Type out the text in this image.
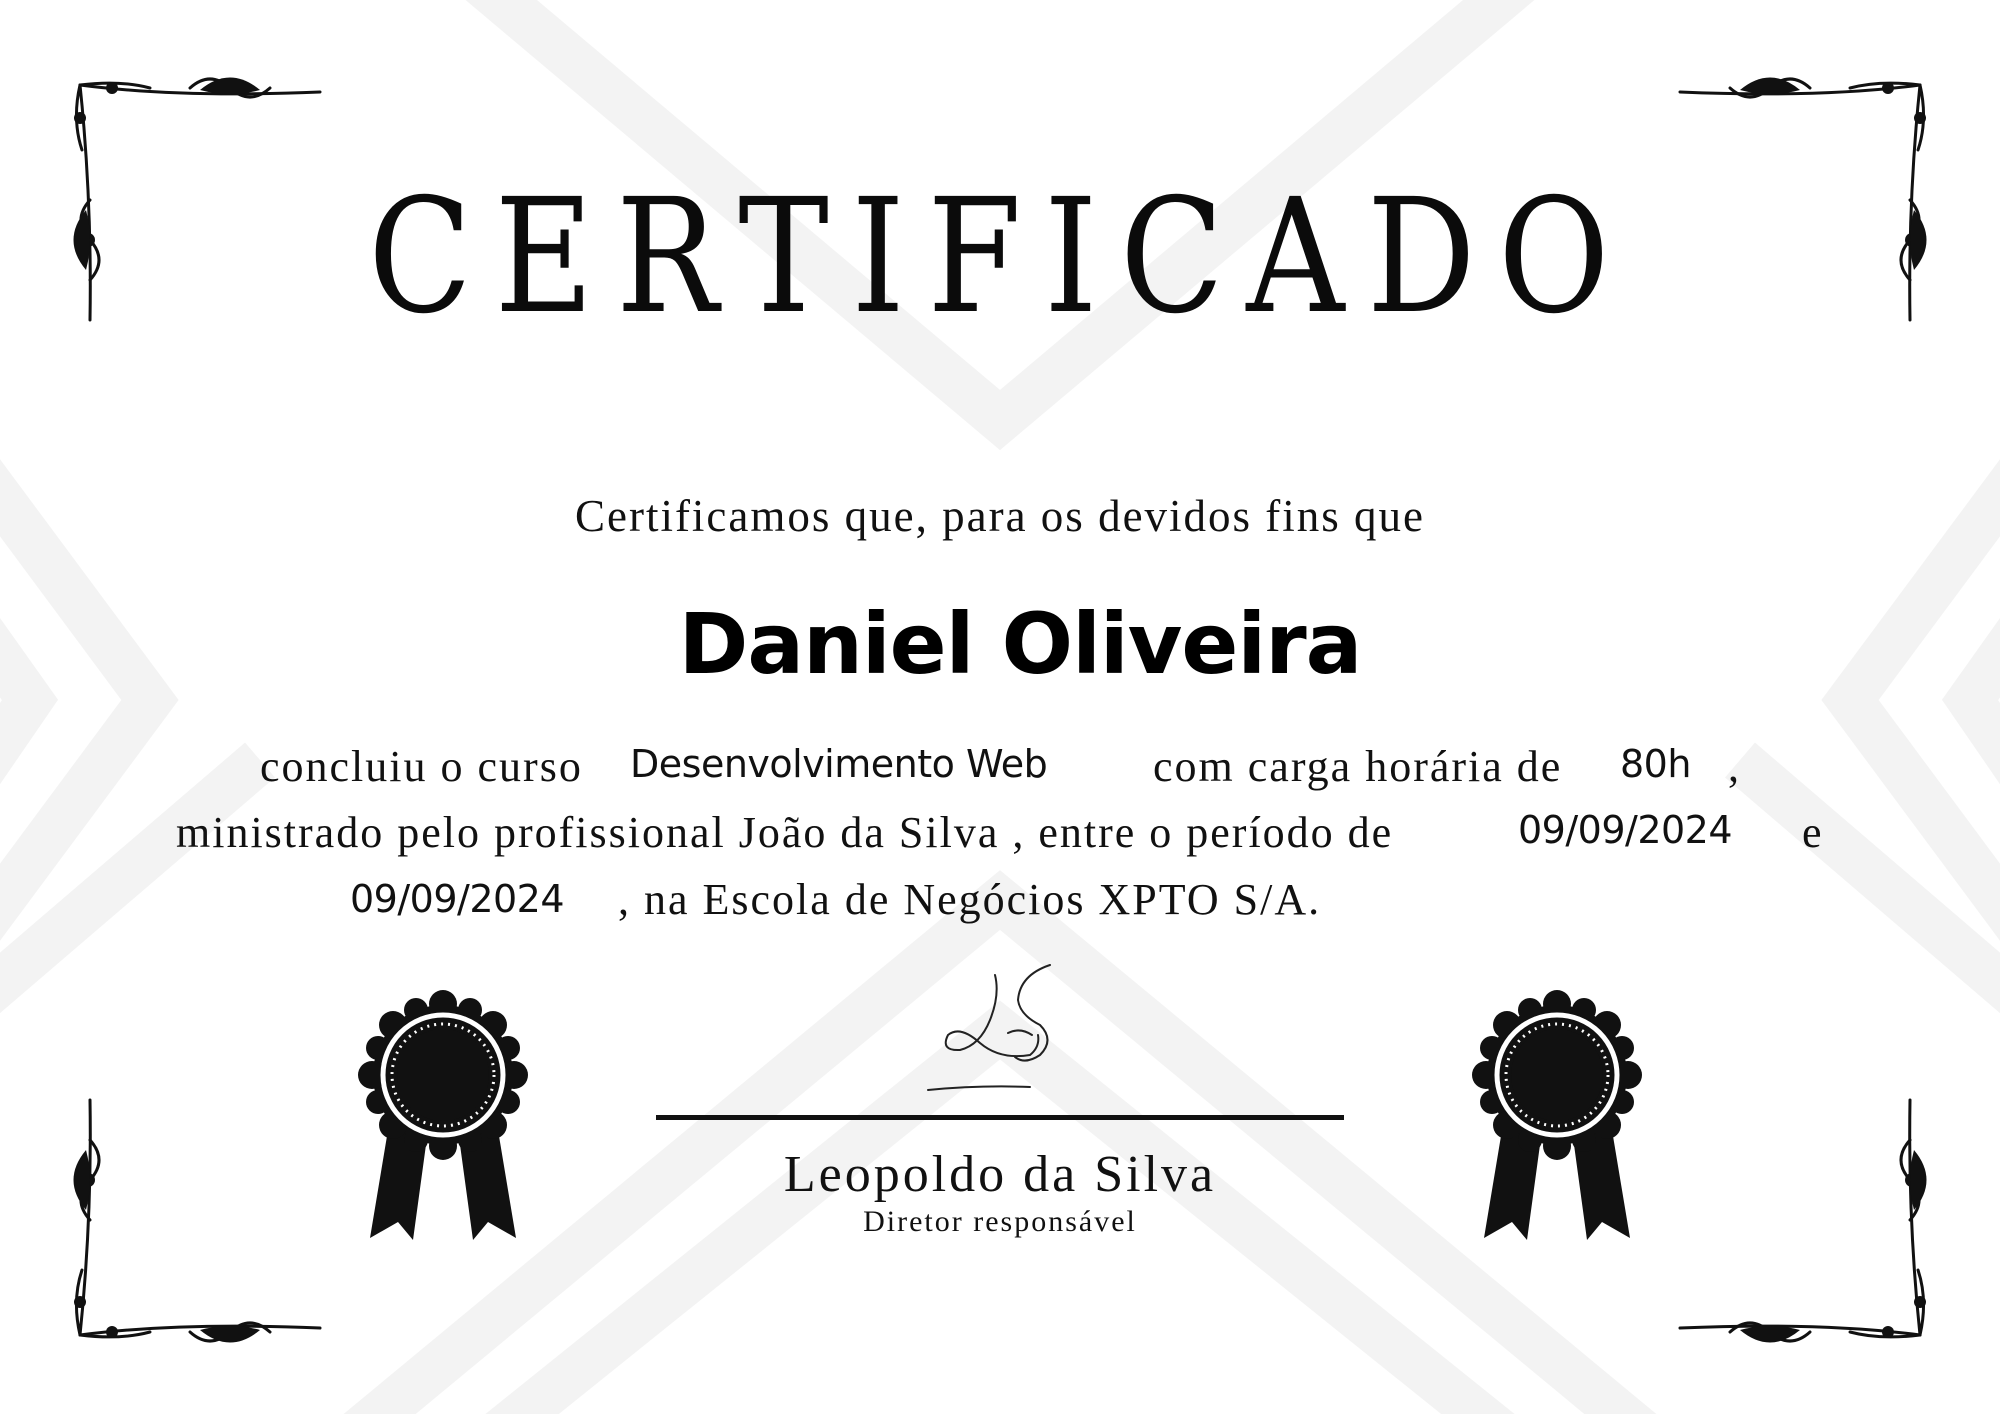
CERTIFICADO
Certificamos que, para os devidos fins que
Daniel Oliveira
concluiu o curso Desenvolvimento Web com carga horária de 80h ,
ministrado pelo profissional João da Silva , entre o período de	09/09/2024 e
09/09/2024 , na Escola de Negócios XPTO S/A.
Leopoldo da Silva
Diretor responsável
